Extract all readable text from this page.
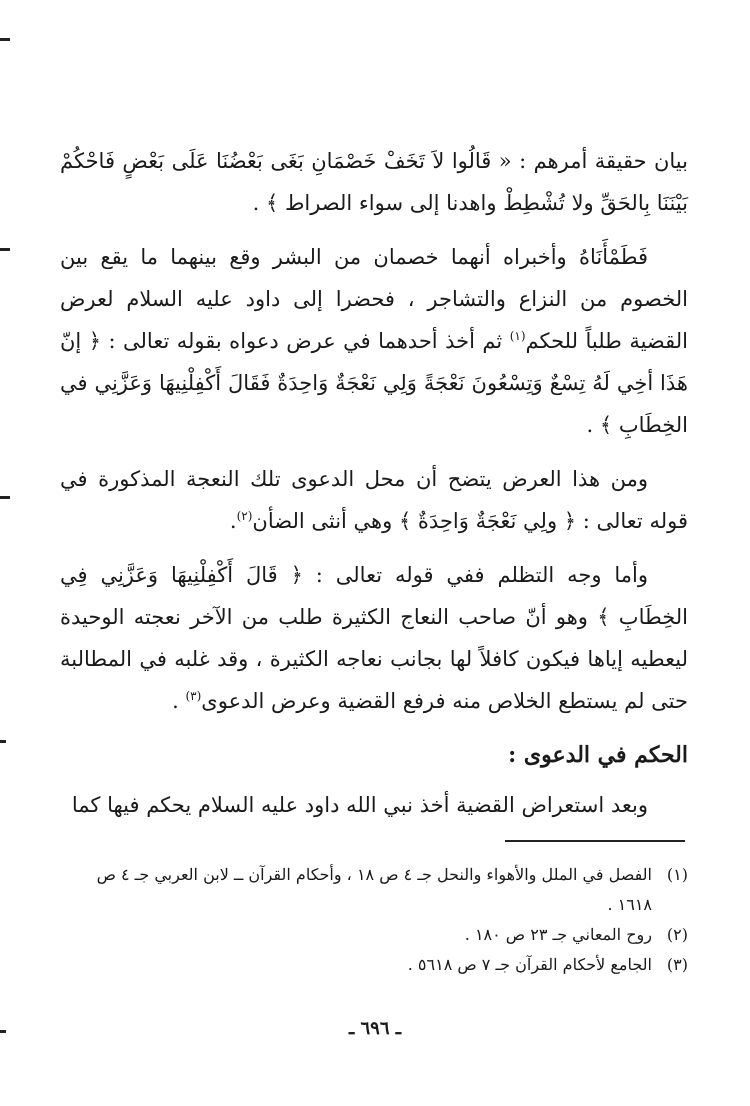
بيان حقيقة أمرهم : « قَالُوا لاَ تَخَفْ خَصْمَانِ بَغَى بَعْضُنَا عَلَى بَعْضٍ فَاحْكُمْ بَيْنَنَا بِالحَقِّ ولا تُشْطِطْ واهدنا إلى سواء الصراط ﴾ .

فَطَمْأَنَاهُ وأخبراه أنهما خصمان من البشر وقع بينهما ما يقع بين الخصوم من النزاع والتشاجر ، فحضرا إلى داود عليه السلام لعرض القضية طلباً للحكم$^{(١)}$ ثم أخذ أحدهما في عرض دعواه بقوله تعالى : ﴿ إنّ هَذَا أخِي لَهُ تِسْعٌ وَتِسْعُونَ نَعْجَةً وَلِي نَعْجَةٌ وَاحِدَةٌ فَقَالَ أَكْفِلْنِيهَا وَعَزَّنِي في الخِطَابِ ﴾ .

ومن هذا العرض يتضح أن محل الدعوى تلك النعجة المذكورة في قوله تعالى : ﴿ ولِي نَعْجَةٌ وَاحِدَةٌ ﴾ وهي أنثى الضأن$^{(٢)}$.

وأما وجه التظلم ففي قوله تعالى : ﴿ قَالَ أَكْفِلْنِيهَا وَعَزَّنِي فِي الخِطَابِ ﴾ وهو أنّ صاحب النعاج الكثيرة طلب من الآخر نعجته الوحيدة ليعطيه إياها فيكون كافلاً لها بجانب نعاجه الكثيرة ، وقد غلبه في المطالبة حتى لم يستطع الخلاص منه فرفع القضية وعرض الدعوى$^{(٣)}$ .

الحكم في الدعوى :

وبعد استعراض القضية أخذ نبي الله داود عليه السلام يحكم فيها كما

(١)
الفصل في الملل والأهواء والنحل جـ ٤ ص ١٨ ، وأحكام القرآن ــ لابن العربي جـ ٤ ص ١٦١٨ .
(٢)
روح المعاني جـ ٢٣ ص ١٨٠ .
(٣)
الجامع لأحكام القرآن جـ ٧ ص ٥٦١٨ .
ـ ٦٩٦ ـ
